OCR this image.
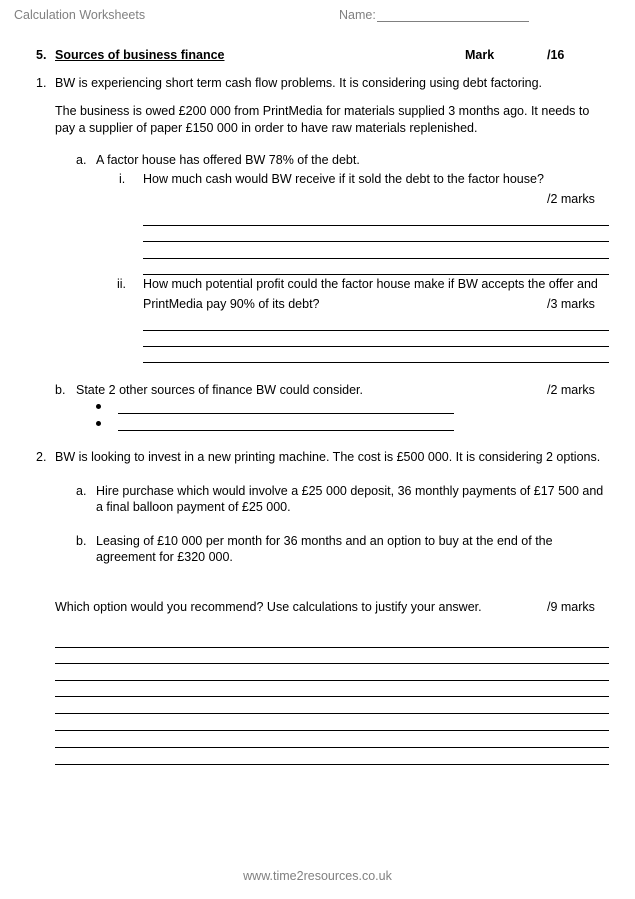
Calculation Worksheets	Name:
5. Sources of business finance	Mark	/16
1. BW is experiencing short term cash flow problems. It is considering using debt factoring.
The business is owed £200 000 from PrintMedia for materials supplied 3 months ago. It needs to
pay a supplier of paper £150 000 in order to have raw materials replenished.
a. A factor house has offered BW 78% of the debt.
i. How much cash would BW receive if it sold the debt to the factor house?
/2 marks
ii. How much potential profit could the factor house make if BW accepts the offer and
PrintMedia pay 90% of its debt?	/3 marks
b. State 2 other sources of finance BW could consider.	/2 marks
2. BW is looking to invest in a new printing machine. The cost is £500 000. It is considering 2 options.
a. Hire purchase which would involve a £25 000 deposit, 36 monthly payments of £17 500 and
a final balloon payment of £25 000.
b. Leasing of £10 000 per month for 36 months and an option to buy at the end of the
agreement for £320 000.
Which option would you recommend? Use calculations to justify your answer.	/9 marks
www.time2resources.co.uk
